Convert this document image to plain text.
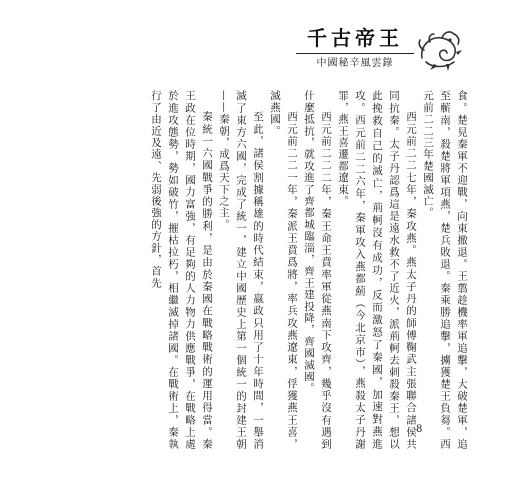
千古帝王
中國秘辛風雲錄

食。楚見秦軍不迎戰，向東撤退。王翦趁機率軍追擊，大破楚軍，追至蘄南，殺楚將軍項燕，楚兵敗退。秦乘勝追擊，擄獲楚王負芻。西元前二二三年楚國滅亡。

西元前二二七年，秦攻燕。燕太子丹的師傅鞠武主張聯合諸侯共同抗秦。太子丹認爲這是遠水救不了近火，派荊軻去刺殺秦王，想以此挽救自己的滅亡，荊軻沒有成功，反而激怒了秦國，加速對燕進攻。西元前二二六年，秦軍攻入燕都薊（今北京市），燕殺太子丹謝罪，燕王喜遷都遼東。

西元前二二二年，秦王命王賁率軍從燕南下攻齊，幾乎沒有遇到什麼抵抗，就攻進了齊都城臨淄，齊王建投降，齊國滅國。

西元前二二一年，秦派王賁爲將，率兵攻燕遼東，俘獲燕王喜，滅燕國。

至此，諸侯割據稱雄的時代結束，嬴政只用了十年時間，一舉消滅了東方六國，完成了統一，建立中國歷史上第一個統一的封建王朝——秦朝，成爲天下之主。

秦統一六國戰爭的勝利，是由於秦國在戰略戰術的運用得當。秦王政在位時期，國力富強，有足夠的人力物力供應戰爭，在戰略上處於進攻態勢，勢如破竹，摧枯拉朽，相繼滅掉諸國。在戰術上，秦執行了由近及遠、先弱後強的方針，首先

8
